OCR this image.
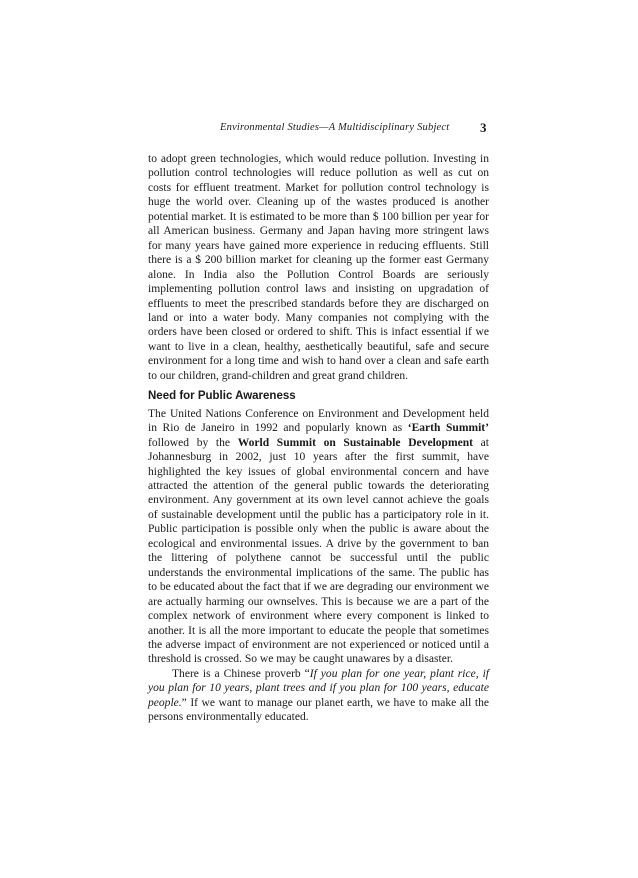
Environmental Studies—A Multidisciplinary Subject 3

to adopt green technologies, which would reduce pollution. Investing in pollution control technologies will reduce pollution as well as cut on costs for effluent treatment. Market for pollution control technology is huge the world over. Cleaning up of the wastes produced is another potential market. It is estimated to be more than $ 100 billion per year for all American business. Germany and Japan having more stringent laws for many years have gained more experience in reducing effluents. Still there is a $ 200 billion market for cleaning up the former east Germany alone. In India also the Pollution Control Boards are seriously implementing pollution control laws and insisting on upgradation of effluents to meet the prescribed standards before they are discharged on land or into a water body. Many companies not complying with the orders have been closed or ordered to shift. This is infact essential if we want to live in a clean, healthy, aesthetically beautiful, safe and secure environment for a long time and wish to hand over a clean and safe earth to our children, grand-children and great grand children.

Need for Public Awareness

The United Nations Conference on Environment and Development held in Rio de Janeiro in 1992 and popularly known as ‘Earth Summit’ followed by the World Summit on Sustainable Development at Johannesburg in 2002, just 10 years after the first summit, have highlighted the key issues of global environmental concern and have attracted the attention of the general public towards the deteriorating environment. Any government at its own level cannot achieve the goals of sustainable development until the public has a participatory role in it. Public participation is possible only when the public is aware about the ecological and environmental issues. A drive by the government to ban the littering of polythene cannot be successful until the public understands the environmental implications of the same. The public has to be educated about the fact that if we are degrading our environment we are actually harming our ownselves. This is because we are a part of the complex network of environment where every component is linked to another. It is all the more important to educate the people that sometimes the adverse impact of environment are not experienced or noticed until a threshold is crossed. So we may be caught unawares by a disaster.

There is a Chinese proverb “If you plan for one year, plant rice, if you plan for 10 years, plant trees and if you plan for 100 years, educate people.” If we want to manage our planet earth, we have to make all the persons environmentally educated.
